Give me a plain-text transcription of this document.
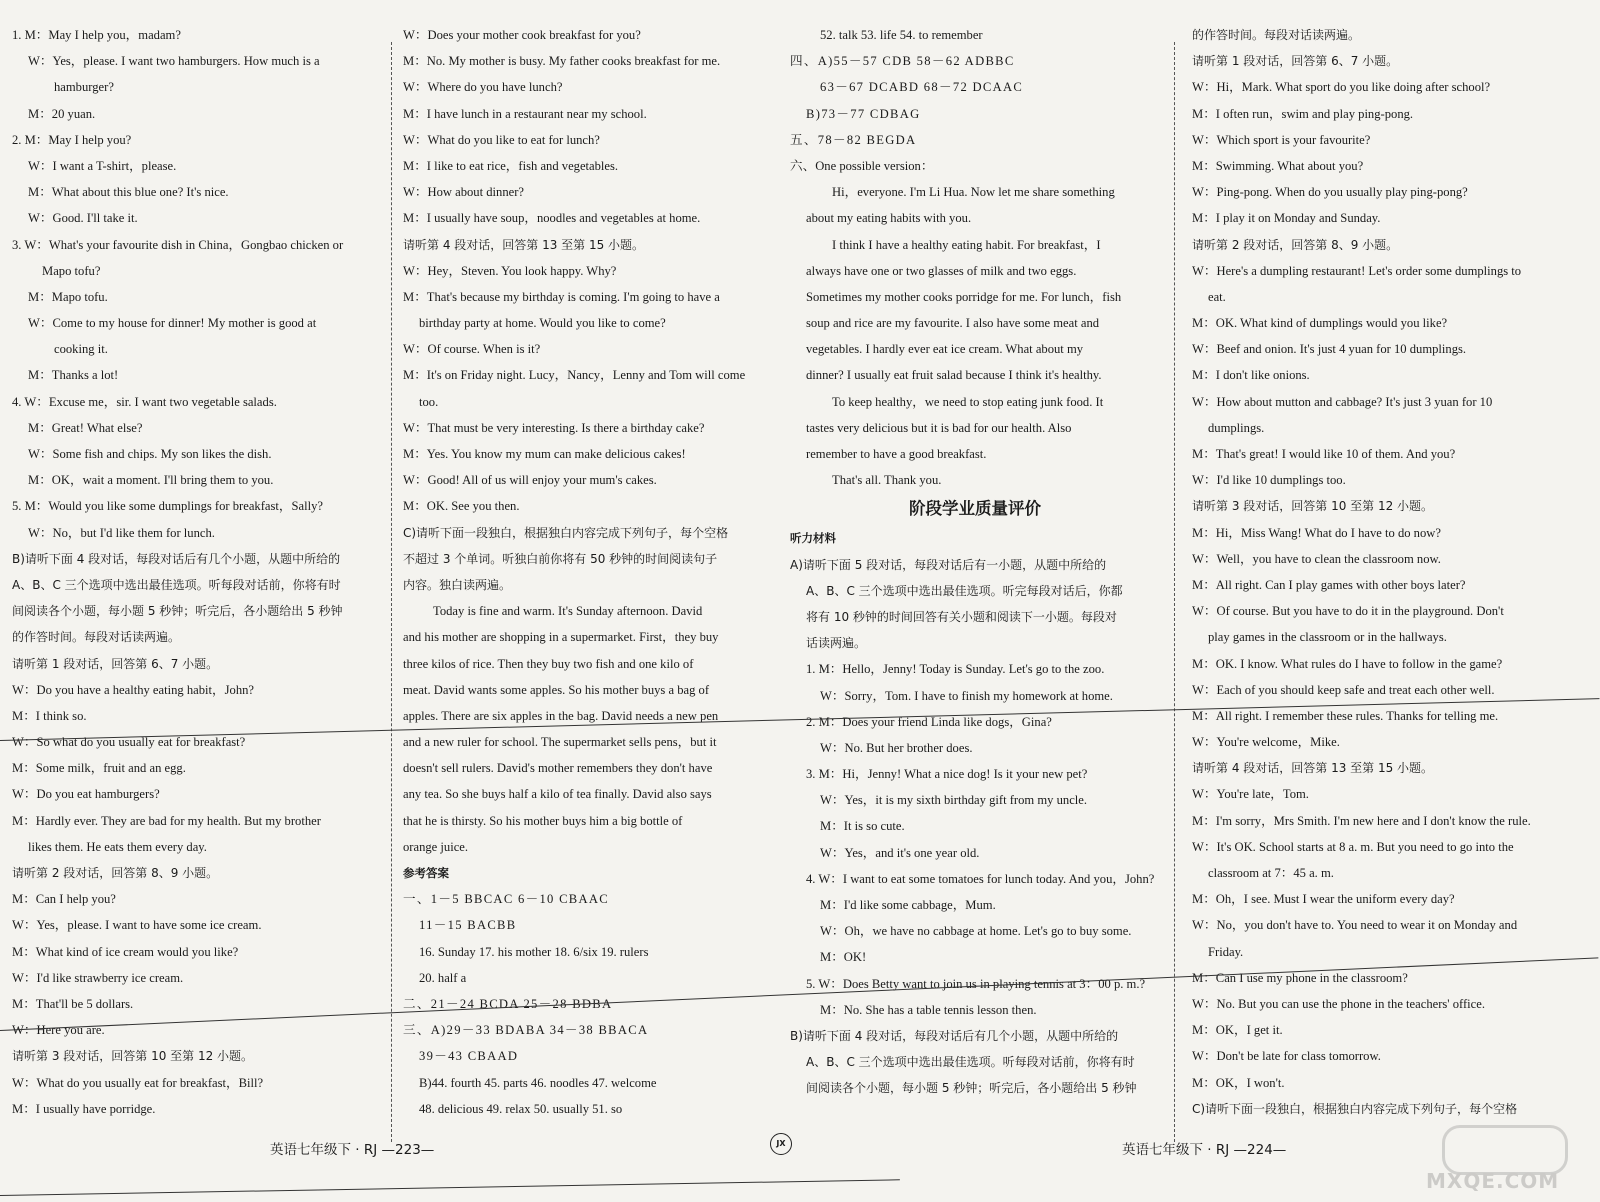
1. M：May I help you，madam?
W：Yes，please. I want two hamburgers. How much is a
hamburger?
M：20 yuan.
2. M：May I help you?
W：I want a T-shirt，please.
M：What about this blue one? It's nice.
W：Good. I'll take it.
3. W：What's your favourite dish in China，Gongbao chicken or
Mapo tofu?
M：Mapo tofu.
W：Come to my house for dinner! My mother is good at
cooking it.
M：Thanks a lot!
4. W：Excuse me，sir. I want two vegetable salads.
M：Great! What else?
W：Some fish and chips. My son likes the dish.
M：OK，wait a moment. I'll bring them to you.
5. M：Would you like some dumplings for breakfast，Sally?
W：No，but I'd like them for lunch.
B)请听下面 4 段对话，每段对话后有几个小题，从题中所给的
A、B、C 三个选项中选出最佳选项。听每段对话前，你将有时
间阅读各个小题，每小题 5 秒钟；听完后，各小题给出 5 秒钟
的作答时间。每段对话读两遍。
请听第 1 段对话，回答第 6、7 小题。
W：Do you have a healthy eating habit，John?
M：I think so.
W：So what do you usually eat for breakfast?
M：Some milk，fruit and an egg.
W：Do you eat hamburgers?
M：Hardly ever. They are bad for my health. But my brother
likes them. He eats them every day.
请听第 2 段对话，回答第 8、9 小题。
M：Can I help you?
W：Yes，please. I want to have some ice cream.
M：What kind of ice cream would you like?
W：I'd like strawberry ice cream.
M：That'll be 5 dollars.
W：Here you are.
请听第 3 段对话，回答第 10 至第 12 小题。
W：What do you usually eat for breakfast，Bill?
M：I usually have porridge.
W：Does your mother cook breakfast for you?
M：No. My mother is busy. My father cooks breakfast for me.
W：Where do you have lunch?
M：I have lunch in a restaurant near my school.
W：What do you like to eat for lunch?
M：I like to eat rice，fish and vegetables.
W：How about dinner?
M：I usually have soup，noodles and vegetables at home.
请听第 4 段对话，回答第 13 至第 15 小题。
W：Hey，Steven. You look happy. Why?
M：That's because my birthday is coming. I'm going to have a
birthday party at home. Would you like to come?
W：Of course. When is it?
M：It's on Friday night. Lucy，Nancy，Lenny and Tom will come
too.
W：That must be very interesting. Is there a birthday cake?
M：Yes. You know my mum can make delicious cakes!
W：Good! All of us will enjoy your mum's cakes.
M：OK. See you then.
C)请听下面一段独白，根据独白内容完成下列句子，每个空格
不超过 3 个单词。听独白前你将有 50 秒钟的时间阅读句子
内容。独白读两遍。
Today is fine and warm. It's Sunday afternoon. David
and his mother are shopping in a supermarket. First，they buy
three kilos of rice. Then they buy two fish and one kilo of
meat. David wants some apples. So his mother buys a bag of
apples. There are six apples in the bag. David needs a new pen
and a new ruler for school. The supermarket sells pens，but it
doesn't sell rulers. David's mother remembers they don't have
any tea. So she buys half a kilo of tea finally. David also says
that he is thirsty. So his mother buys him a big bottle of
orange juice.
参考答案
一、1－5 BBCAC 6－10 CBAAC
11－15 BACBB
16. Sunday 17. his mother 18. 6/six 19. rulers
20. half a
二、21－24 BCDA 25－28 BDBA
三、A)29－33 BDABA 34－38 BBACA
39－43 CBAAD
B)44. fourth 45. parts 46. noodles 47. welcome
48. delicious 49. relax 50. usually 51. so
52. talk 53. life 54. to remember
四、A)55－57 CDB 58－62 ADBBC
63－67 DCABD 68－72 DCAAC
B)73－77 CDBAG
五、78－82 BEGDA
六、One possible version：
Hi，everyone. I'm Li Hua. Now let me share something
about my eating habits with you.
I think I have a healthy eating habit. For breakfast，I
always have one or two glasses of milk and two eggs.
Sometimes my mother cooks porridge for me. For lunch，fish
soup and rice are my favourite. I also have some meat and
vegetables. I hardly ever eat ice cream. What about my
dinner? I usually eat fruit salad because I think it's healthy.
To keep healthy，we need to stop eating junk food. It
tastes very delicious but it is bad for our health. Also
remember to have a good breakfast.
That's all. Thank you.
阶段学业质量评价
听力材料
A)请听下面 5 段对话，每段对话后有一小题，从题中所给的
A、B、C 三个选项中选出最佳选项。听完每段对话后，你都
将有 10 秒钟的时间回答有关小题和阅读下一小题。每段对
话读两遍。
1. M：Hello，Jenny! Today is Sunday. Let's go to the zoo.
W：Sorry，Tom. I have to finish my homework at home.
2. M：Does your friend Linda like dogs，Gina?
W：No. But her brother does.
3. M：Hi，Jenny! What a nice dog! Is it your new pet?
W：Yes，it is my sixth birthday gift from my uncle.
M：It is so cute.
W：Yes，and it's one year old.
4. W：I want to eat some tomatoes for lunch today. And you，John?
M：I'd like some cabbage，Mum.
W：Oh，we have no cabbage at home. Let's go to buy some.
M：OK!
5. W：Does Betty want to join us in playing tennis at 3：00 p. m.?
M：No. She has a table tennis lesson then.
B)请听下面 4 段对话，每段对话后有几个小题，从题中所给的
A、B、C 三个选项中选出最佳选项。听每段对话前，你将有时
间阅读各个小题，每小题 5 秒钟；听完后，各小题给出 5 秒钟
的作答时间。每段对话读两遍。
请听第 1 段对话，回答第 6、7 小题。
W：Hi，Mark. What sport do you like doing after school?
M：I often run，swim and play ping-pong.
W：Which sport is your favourite?
M：Swimming. What about you?
W：Ping-pong. When do you usually play ping-pong?
M：I play it on Monday and Sunday.
请听第 2 段对话，回答第 8、9 小题。
W：Here's a dumpling restaurant! Let's order some dumplings to
eat.
M：OK. What kind of dumplings would you like?
W：Beef and onion. It's just 4 yuan for 10 dumplings.
M：I don't like onions.
W：How about mutton and cabbage? It's just 3 yuan for 10
dumplings.
M：That's great! I would like 10 of them. And you?
W：I'd like 10 dumplings too.
请听第 3 段对话，回答第 10 至第 12 小题。
M：Hi，Miss Wang! What do I have to do now?
W：Well，you have to clean the classroom now.
M：All right. Can I play games with other boys later?
W：Of course. But you have to do it in the playground. Don't
play games in the classroom or in the hallways.
M：OK. I know. What rules do I have to follow in the game?
W：Each of you should keep safe and treat each other well.
M：All right. I remember these rules. Thanks for telling me.
W：You're welcome，Mike.
请听第 4 段对话，回答第 13 至第 15 小题。
W：You're late，Tom.
M：I'm sorry，Mrs Smith. I'm new here and I don't know the rule.
W：It's OK. School starts at 8 a. m. But you need to go into the
classroom at 7：45 a. m.
M：Oh，I see. Must I wear the uniform every day?
W：No，you don't have to. You need to wear it on Monday and
Friday.
M：Can I use my phone in the classroom?
W：No. But you can use the phone in the teachers' office.
M：OK，I get it.
W：Don't be late for class tomorrow.
M：OK，I won't.
C)请听下面一段独白，根据独白内容完成下列句子，每个空格
英语七年级下 · RJ —223—	JX	英语七年级下 · RJ —224—
MXQE.COM
